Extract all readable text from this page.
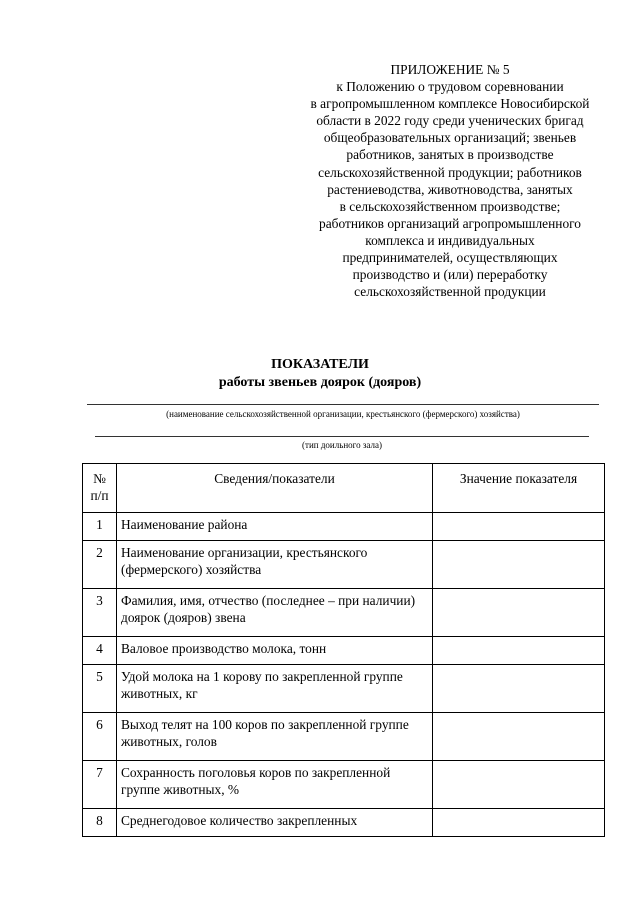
ПРИЛОЖЕНИЕ № 5
к Положению о трудовом соревновании
в агропромышленном комплексе Новосибирской
области в 2022 году среди ученических бригад
общеобразовательных организаций; звеньев
работников, занятых в производстве
сельскохозяйственной продукции; работников
растениеводства, животноводства, занятых
в сельскохозяйственном производстве;
работников организаций агропромышленного
комплекса и индивидуальных
предпринимателей, осуществляющих
производство и (или) переработку
сельскохозяйственной продукции
ПОКАЗАТЕЛИ
работы звеньев доярок (дояров)
(наименование сельскохозяйственной организации, крестьянского (фермерского) хозяйства)
(тип доильного зала)
№ п/п	Сведения/показатели	Значение показателя
1	Наименование района	
2	Наименование организации, крестьянского (фермерского) хозяйства	
3	Фамилия, имя, отчество (последнее – при наличии) доярок (дояров) звена	
4	Валовое производство молока, тонн	
5	Удой молока на 1 корову по закрепленной группе животных, кг	
6	Выход телят на 100 коров по закрепленной группе животных, голов	
7	Сохранность поголовья коров по закрепленной группе животных, %	
8	Среднегодовое количество закрепленных	
